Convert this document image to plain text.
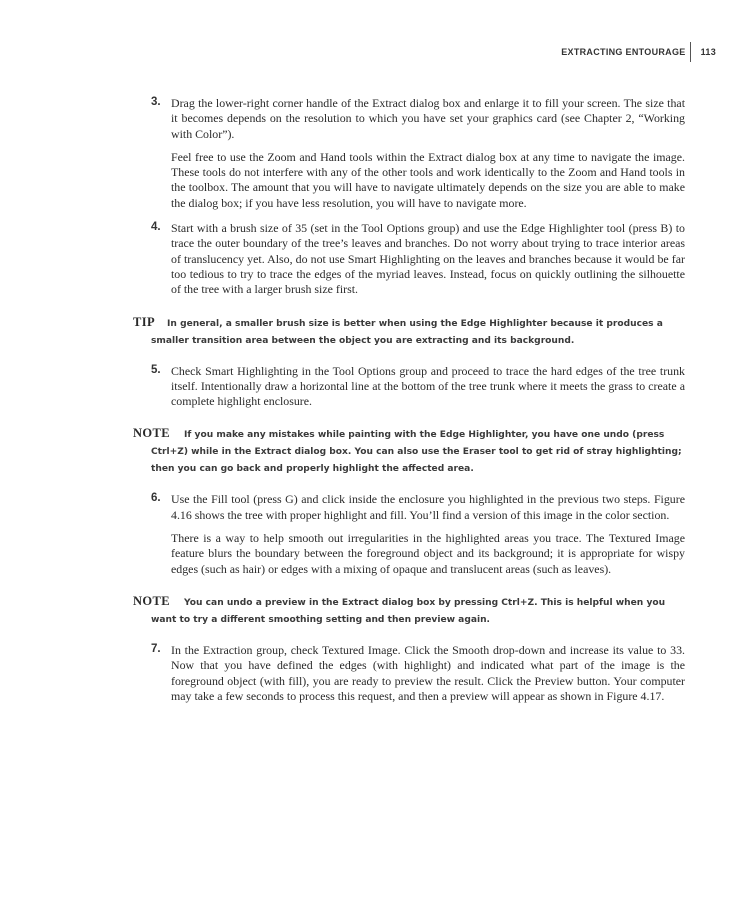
EXTRACTING ENTOURAGE 113
3. Drag the lower-right corner handle of the Extract dialog box and enlarge it to fill your screen. The size that it becomes depends on the resolution to which you have set your graphics card (see Chapter 2, “Working with Color”).

Feel free to use the Zoom and Hand tools within the Extract dialog box at any time to navigate the image. These tools do not interfere with any of the other tools and work identically to the Zoom and Hand tools in the toolbox. The amount that you will have to navigate ultimately depends on the size you are able to make the dialog box; if you have less resolution, you will have to navigate more.

4. Start with a brush size of 35 (set in the Tool Options group) and use the Edge Highlighter tool (press B) to trace the outer boundary of the tree’s leaves and branches. Do not worry about trying to trace interior areas of translucency yet. Also, do not use Smart Highlighting on the leaves and branches because it would be far too tedious to try to trace the edges of the myriad leaves. Instead, focus on quickly outlining the silhouette of the tree with a larger brush size first.

TIP In general, a smaller brush size is better when using the Edge Highlighter because it produces a smaller transition area between the object you are extracting and its background.

5. Check Smart Highlighting in the Tool Options group and proceed to trace the hard edges of the tree trunk itself. Intentionally draw a horizontal line at the bottom of the tree trunk where it meets the grass to create a complete highlight enclosure.

NOTE If you make any mistakes while painting with the Edge Highlighter, you have one undo (press Ctrl+Z) while in the Extract dialog box. You can also use the Eraser tool to get rid of stray highlighting; then you can go back and properly highlight the affected area.

6. Use the Fill tool (press G) and click inside the enclosure you highlighted in the previous two steps. Figure 4.16 shows the tree with proper highlight and fill. You’ll find a version of this image in the color section.

There is a way to help smooth out irregularities in the highlighted areas you trace. The Textured Image feature blurs the boundary between the foreground object and its background; it is appropriate for wispy edges (such as hair) or edges with a mixing of opaque and translucent areas (such as leaves).

NOTE You can undo a preview in the Extract dialog box by pressing Ctrl+Z. This is helpful when you want to try a different smoothing setting and then preview again.

7. In the Extraction group, check Textured Image. Click the Smooth drop-down and increase its value to 33. Now that you have defined the edges (with highlight) and indicated what part of the image is the foreground object (with fill), you are ready to preview the result. Click the Preview button. Your computer may take a few seconds to process this request, and then a preview will appear as shown in Figure 4.17.
